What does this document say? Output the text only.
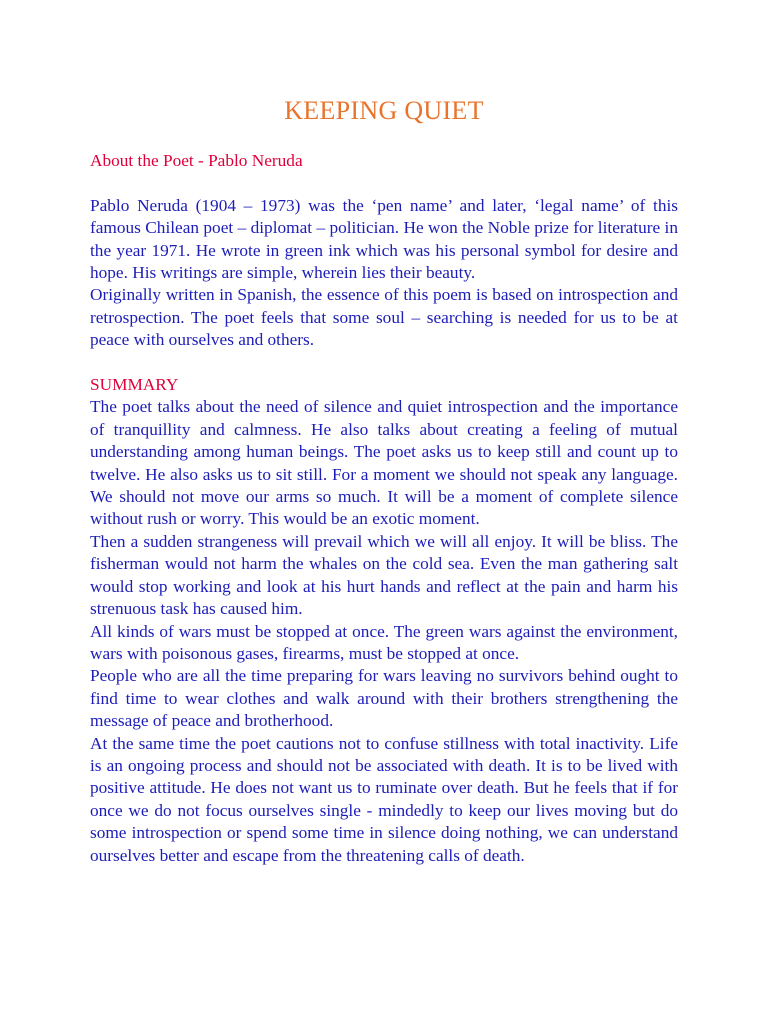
KEEPING QUIET
About the Poet - Pablo Neruda

Pablo Neruda (1904 – 1973) was the ‘pen name’ and later, ‘legal name’ of this famous Chilean poet – diplomat – politician. He won the Noble prize for literature in the year 1971. He wrote in green ink which was his personal symbol for desire and hope. His writings are simple, wherein lies their beauty.

Originally written in Spanish, the essence of this poem is based on introspection and retrospection. The poet feels that some soul – searching is needed for us to be at peace with ourselves and others.

SUMMARY

The poet talks about the need of silence and quiet introspection and the importance of tranquillity and calmness. He also talks about creating a feeling of mutual understanding among human beings. The poet asks us to keep still and count up to twelve. He also asks us to sit still. For a moment we should not speak any language. We should not move our arms so much. It will be a moment of complete silence without rush or worry. This would be an exotic moment.

Then a sudden strangeness will prevail which we will all enjoy. It will be bliss. The fisherman would not harm the whales on the cold sea. Even the man gathering salt would stop working and look at his hurt hands and reflect at the pain and harm his strenuous task has caused him.

All kinds of wars must be stopped at once. The green wars against the environment, wars with poisonous gases, firearms, must be stopped at once.

People who are all the time preparing for wars leaving no survivors behind ought to find time to wear clothes and walk around with their brothers strengthening the message of peace and brotherhood.

At the same time the poet cautions not to confuse stillness with total inactivity. Life is an ongoing process and should not be associated with death. It is to be lived with positive attitude. He does not want us to ruminate over death. But he feels that if for once we do not focus ourselves single - mindedly to keep our lives moving but do some introspection or spend some time in silence doing nothing, we can understand ourselves better and escape from the threatening calls of death.
